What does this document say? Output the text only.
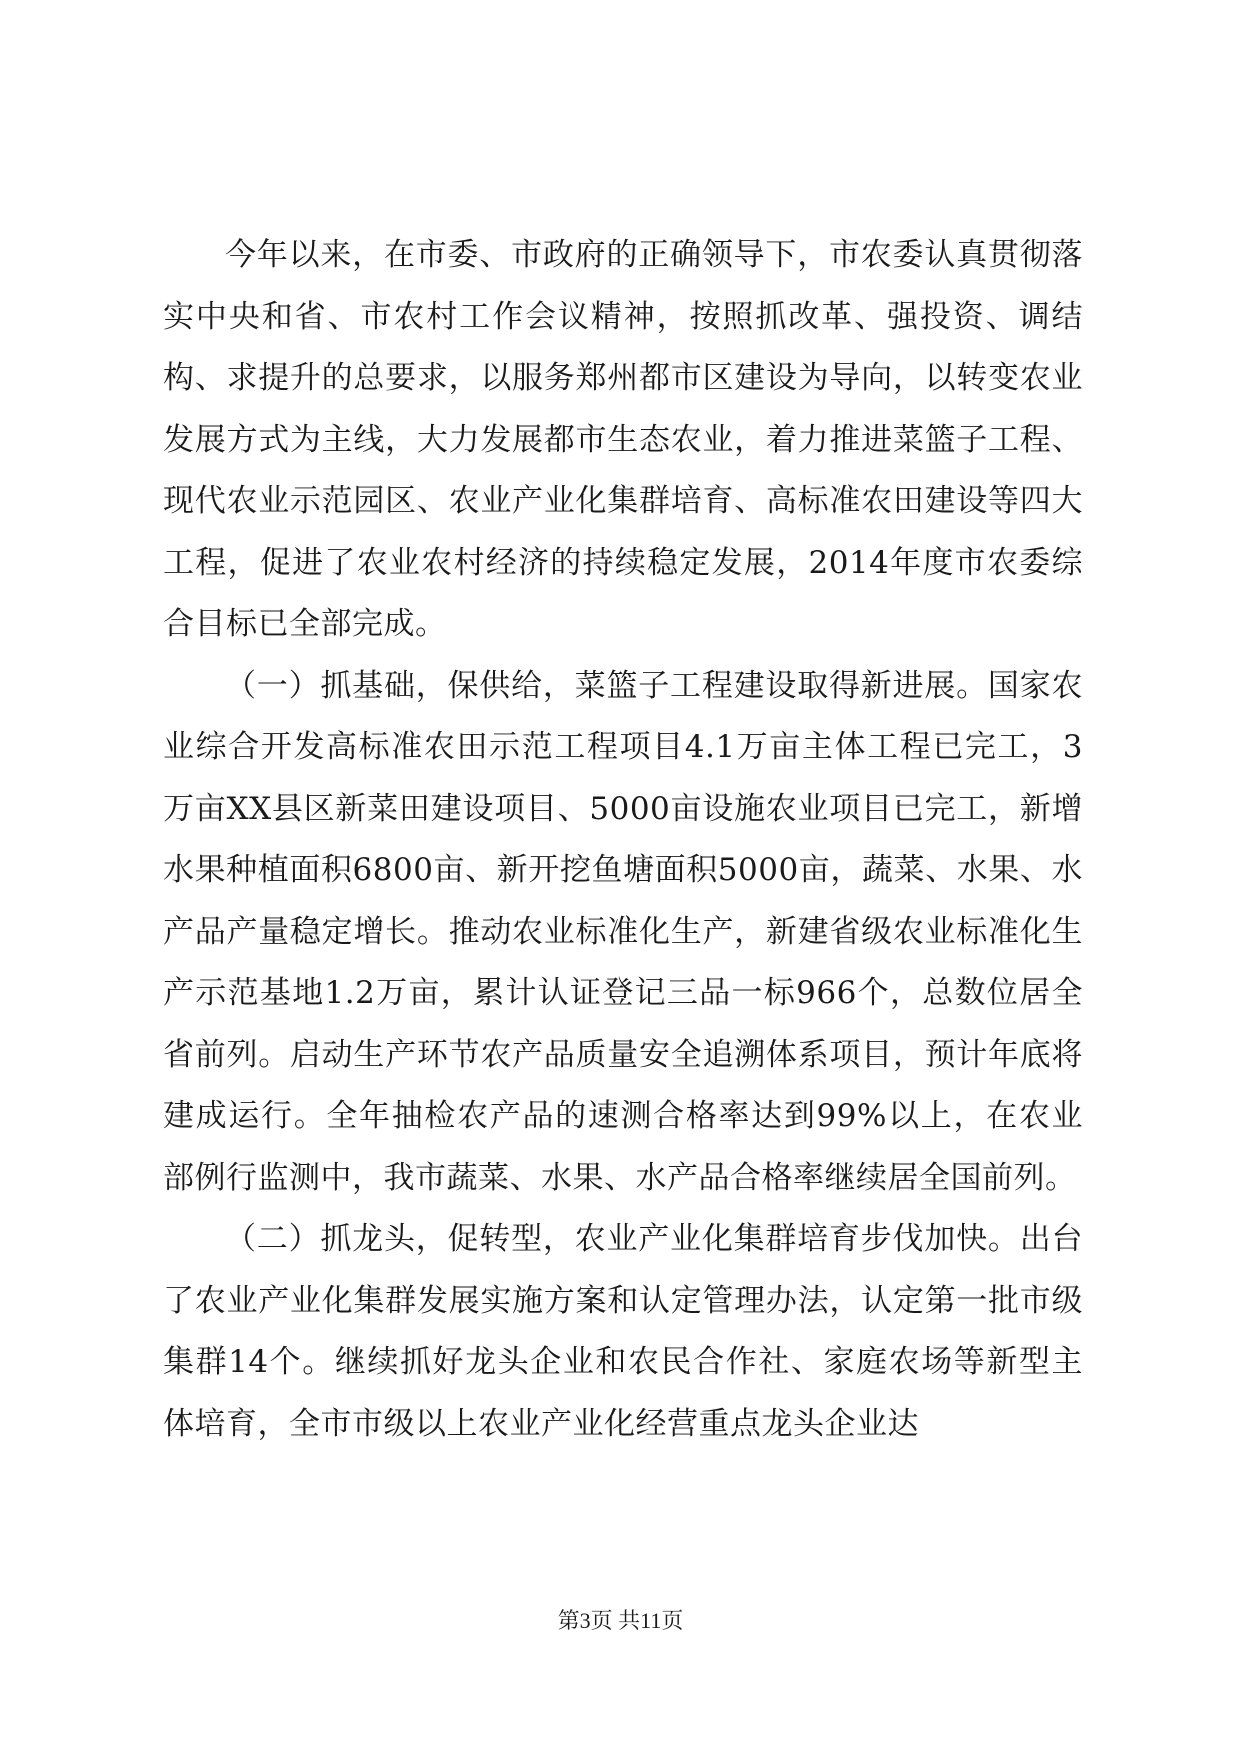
今年以来，在市委、市政府的正确领导下，市农委认真贯彻落实中央和省、市农村工作会议精神，按照抓改革、强投资、调结构、求提升的总要求，以服务郑州都市区建设为导向，以转变农业发展方式为主线，大力发展都市生态农业，着力推进菜篮子工程、现代农业示范园区、农业产业化集群培育、高标准农田建设等四大工程，促进了农业农村经济的持续稳定发展，2014年度市农委综合目标已全部完成。

（一）抓基础，保供给，菜篮子工程建设取得新进展。国家农业综合开发高标准农田示范工程项目4.1万亩主体工程已完工，3万亩XX县区新菜田建设项目、5000亩设施农业项目已完工，新增水果种植面积6800亩、新开挖鱼塘面积5000亩，蔬菜、水果、水产品产量稳定增长。推动农业标准化生产，新建省级农业标准化生产示范基地1.2万亩，累计认证登记三品一标966个，总数位居全省前列。启动生产环节农产品质量安全追溯体系项目，预计年底将建成运行。全年抽检农产品的速测合格率达到99%以上，在农业部例行监测中，我市蔬菜、水果、水产品合格率继续居全国前列。

（二）抓龙头，促转型，农业产业化集群培育步伐加快。出台了农业产业化集群发展实施方案和认定管理办法，认定第一批市级集群14个。继续抓好龙头企业和农民合作社、家庭农场等新型主体培育，全市市级以上农业产业化经营重点龙头企业达

第3页 共11页
